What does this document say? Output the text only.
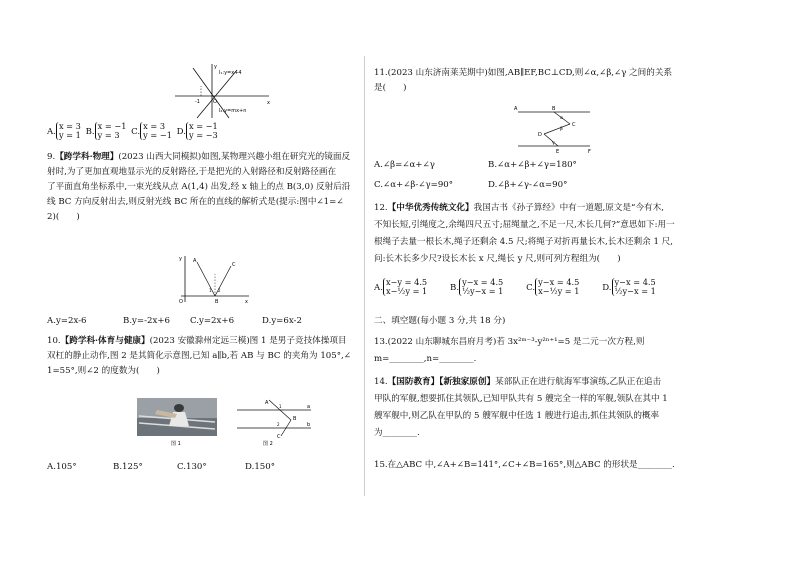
l₁:y=x+4
l₂:y=mx+n
-1	O	x
y
A.
x = 3
y = 1 B.
x = −1
y = 3	C.
x = 3
y = −1 D.
x = −1
y = −3
9.【跨学科·物理】(2023 山西大同模拟)如图,某物理兴趣小组在研究光的镜面反
射时,为了更加直观地显示光的反射路径,于是把光的入射路径和反射路径画在
了平面直角坐标系中,一束光线从点 A(1,4) 出发,经 x 轴上的点 B(3,0) 反射后沿
线 BC 方向反射出去,则反射光线 BC 所在的直线的解析式是(提示:图中∠1=∠
2)(　　)
y
x
O
A
B
C
1 2
A.y=2x-6	B.y=-2x+6 C.y=2x+6	D.y=6x-2
10.【跨学科·体育与健康】(2023 安徽滁州定远三模)图 1 是男子竞技体操项目
双杠的静止动作,图 2 是其简化示意图,已知 a∥b,若 AB 与 BC 的夹角为 105°,∠
1=55°,则∠2 的度数为(　　)
图 1
A
B
C
a
b
1
2
图 2
A.105°	B.125°	C.130°	D.150°
11.(2023 山东济南莱芜期中)如图,AB∥EF,BC⊥CD,则∠α,∠β,∠γ 之间的关系
是(　　)
A	B
C
D
E	F
α
β
γ
A.∠β=∠α+∠γ	B.∠α+∠β+∠γ=180°
C.∠α+∠β-∠γ=90°	D.∠β+∠γ-∠α=90°
12.【中华优秀传统文化】我国古书《孙子算经》中有一道题,原文是“今有木,
不知长短,引绳度之,余绳四尺五寸;屈绳量之,不足一尺,木长几何?”意思如下:用一
根绳子去量一根长木,绳子还剩余 4.5 尺;将绳子对折再量长木,长木还剩余 1 尺,
问:长木长多少尺?设长木长 x 尺,绳长 y 尺,则可列方程组为(　　)
A.
x−y = 4.5
x−½y = 1	B.
y−x = 4.5
½y−x = 1	C.
y−x = 4.5
x−½y = 1	D.
y−x = 4.5
½y−x = 1
二、填空题(每小题 3 分,共 18 分)
13.(2022 山东聊城东昌府月考)若 3x²ᵐ⁻³-y²ⁿ⁺¹=5 是二元一次方程,则
m=________,n=________.
14.【国防教育】【新独家原创】某部队正在进行航海军事演练,乙队正在追击
甲队的军舰,想要抓住其领队,已知甲队共有 5 艘完全一样的军舰,领队在其中 1
艘军舰中,则乙队在甲队的 5 艘军舰中任选 1 艘进行追击,抓住其领队的概率
为________.
15.在△ABC 中,∠A+∠B=141°,∠C+∠B=165°,则△ABC 的形状是________.
